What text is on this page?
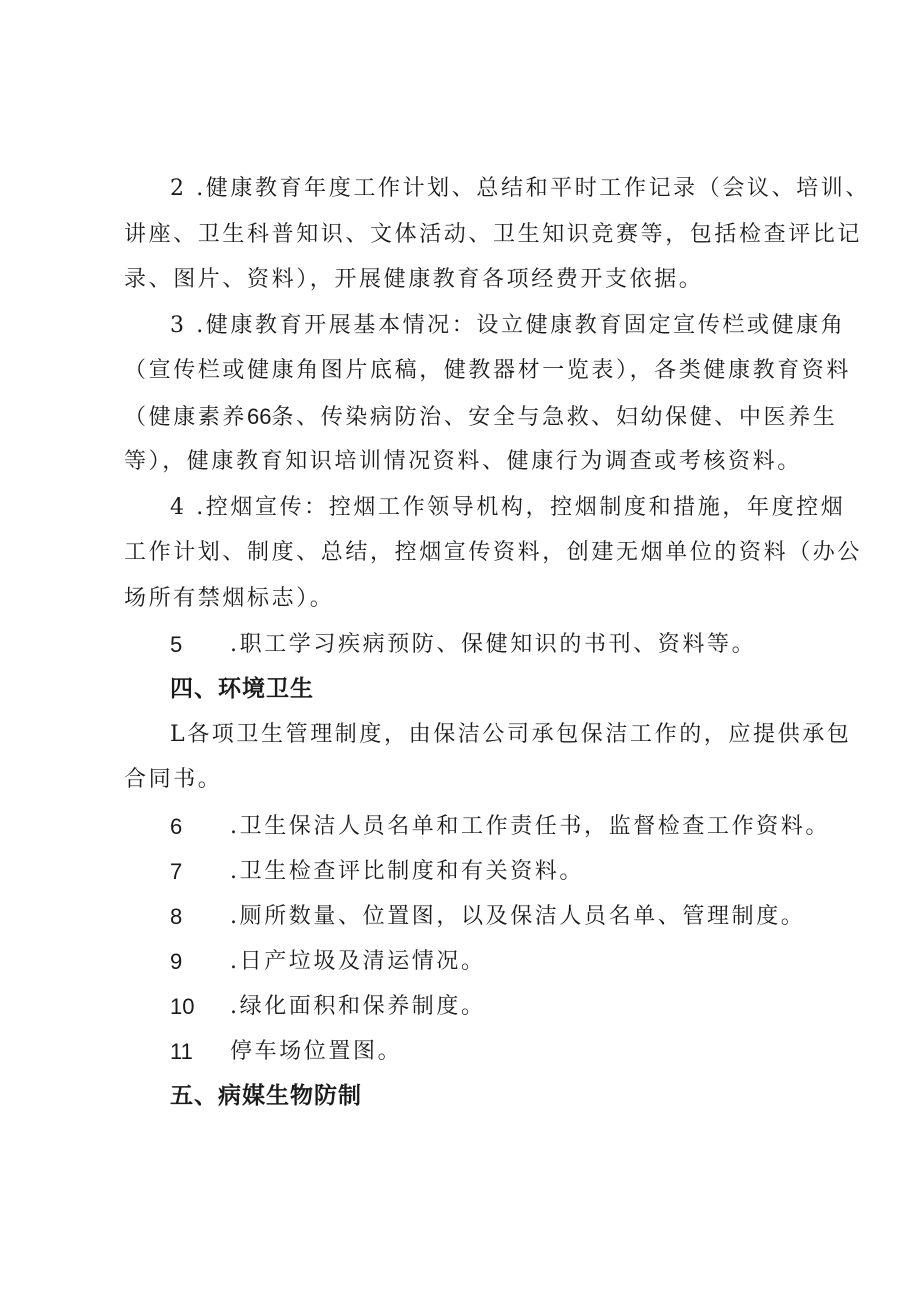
2 .健康教育年度工作计划、总结和平时工作记录（会议、培训、
讲座、卫生科普知识、文体活动、卫生知识竞赛等，包括检查评比记
录、图片、资料），开展健康教育各项经费开支依据。
3 .健康教育开展基本情况：设立健康教育固定宣传栏或健康角
（宣传栏或健康角图片底稿，健教器材一览表），各类健康教育资料
（健康素养66条、传染病防治、安全与急救、妇幼保健、中医养生
等），健康教育知识培训情况资料、健康行为调查或考核资料。
4 .控烟宣传：控烟工作领导机构，控烟制度和措施，年度控烟
工作计划、制度、总结，控烟宣传资料，创建无烟单位的资料（办公
场所有禁烟标志）。
5 .职工学习疾病预防、保健知识的书刊、资料等。
四、环境卫生
L各项卫生管理制度，由保洁公司承包保洁工作的，应提供承包
合同书。
6 .卫生保洁人员名单和工作责任书，监督检查工作资料。
7 .卫生检查评比制度和有关资料。
8 .厕所数量、位置图，以及保洁人员名单、管理制度。
9 .日产垃圾及清运情况。
10 .绿化面积和保养制度。
11 停车场位置图。
五、病媒生物防制
